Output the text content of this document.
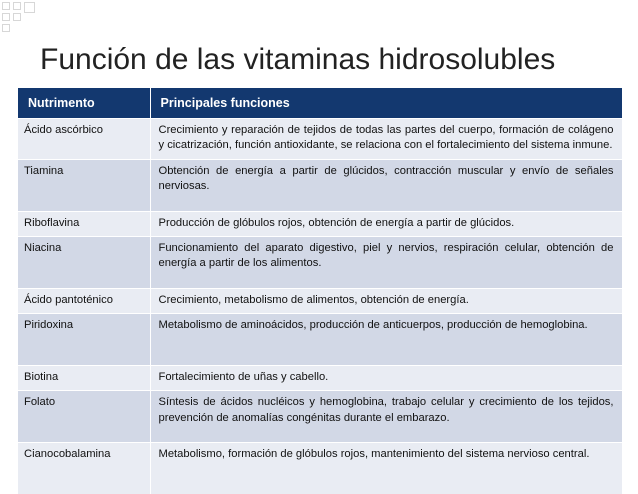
Función de las vitaminas hidrosolubles
Nutrimento	Principales funciones
Ácido ascórbico	Crecimiento y reparación de tejidos de todas las partes del cuerpo, formación de colágeno y cicatrización, función antioxidante, se relaciona con el fortalecimiento del sistema inmune.
Tiamina	Obtención de energía a partir de glúcidos, contracción muscular y envío de señales nerviosas.
Riboflavina	Producción de glóbulos rojos, obtención de energía a partir de glúcidos.
Niacina	Funcionamiento del aparato digestivo, piel y nervios, respiración celular, obtención de energía a partir de los alimentos.
Ácido pantoténico	Crecimiento, metabolismo de alimentos, obtención de energía.
Piridoxina	Metabolismo de aminoácidos, producción de anticuerpos, producción de hemoglobina.
Biotina	Fortalecimiento de uñas y cabello.
Folato	Síntesis de ácidos nucléicos y hemoglobina, trabajo celular y crecimiento de los tejidos, prevención de anomalías congénitas durante el embarazo.
Cianocobalamina	Metabolismo, formación de glóbulos rojos, mantenimiento del sistema nervioso central.
